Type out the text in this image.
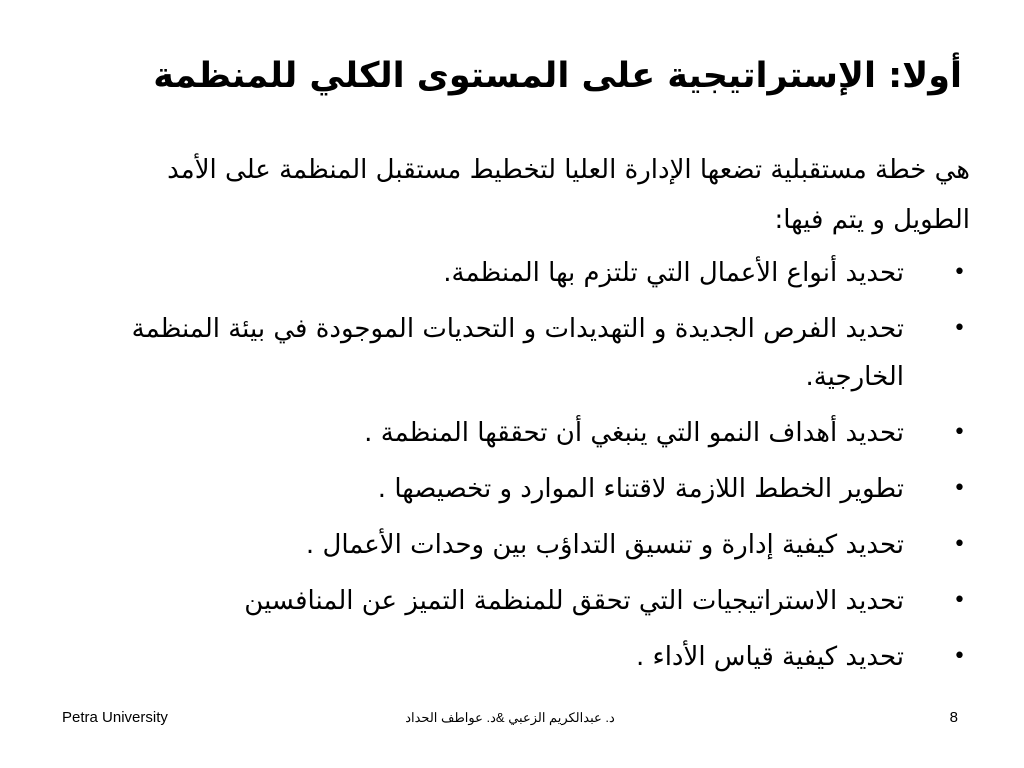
أولا: الإستراتيجية على المستوى الكلي للمنظمة

هي خطة مستقبلية تضعها الإدارة العليا لتخطيط مستقبل المنظمة على الأمد الطويل و يتم فيها:

•
تحديد أنواع الأعمال التي تلتزم بها المنظمة.
•
تحديد الفرص الجديدة و التهديدات و التحديات الموجودة في بيئة المنظمة الخارجية.
•
تحديد أهداف النمو التي ينبغي أن تحققها المنظمة .
•
تطوير الخطط اللازمة لاقتناء الموارد و تخصيصها .
•
تحديد كيفية إدارة و تنسيق التداؤب بين وحدات الأعمال .
•
تحديد الاستراتيجيات التي تحقق للمنظمة التميز عن المنافسين
•
تحديد كيفية قياس الأداء .
Petra University	د. عبدالكريم الزعبي &د. عواطف الحداد	8
